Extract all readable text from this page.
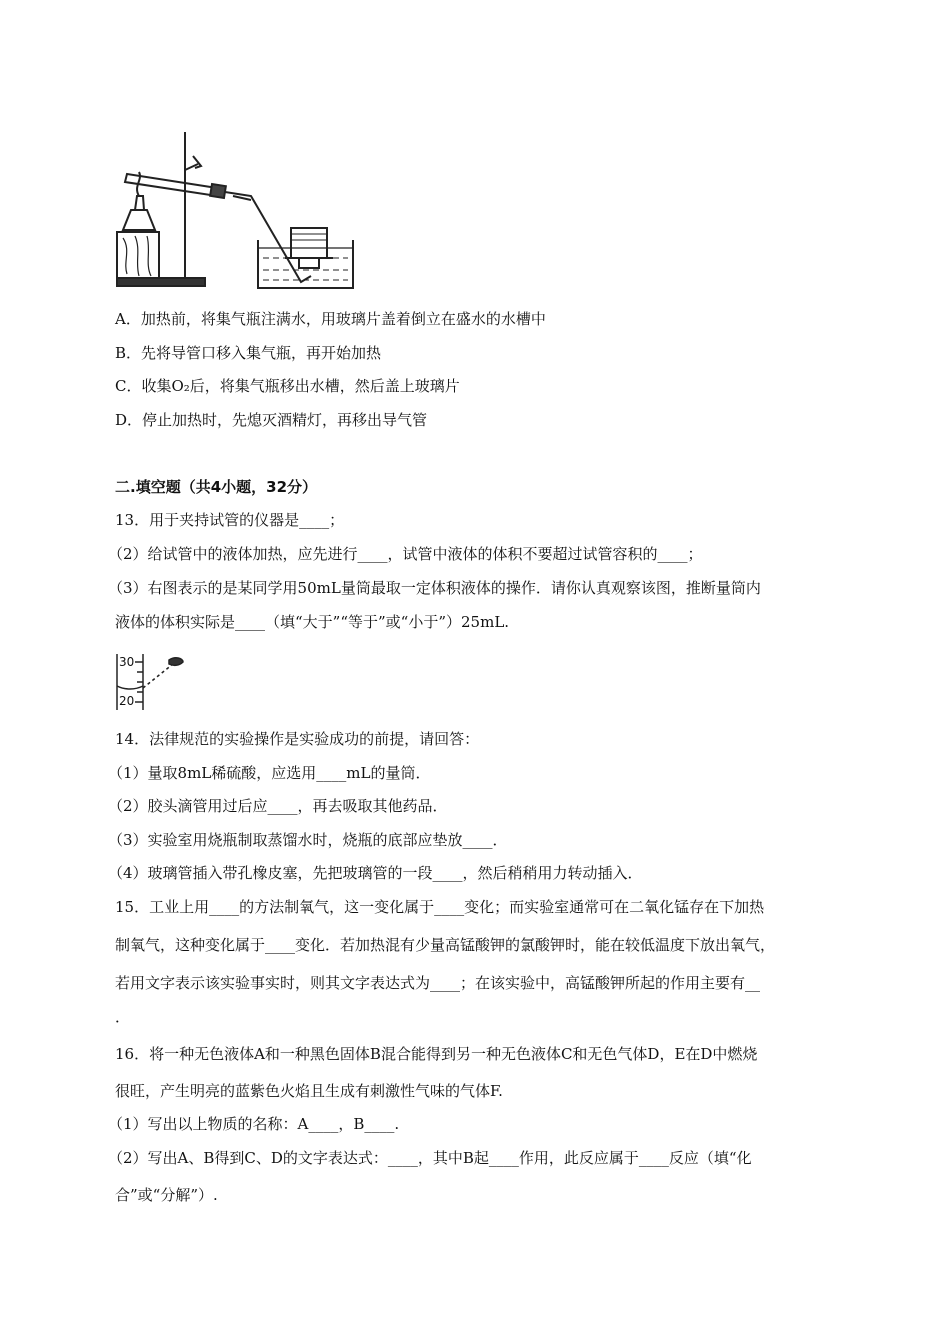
A．加热前，将集气瓶注满水，用玻璃片盖着倒立在盛水的水槽中
B．先将导管口移入集气瓶，再开始加热
C．收集O₂后，将集气瓶移出水槽，然后盖上玻璃片
D．停止加热时，先熄灭酒精灯，再移出导气管
二.填空题（共4小题，32分）
13．用于夹持试管的仪器是____；
（2）给试管中的液体加热，应先进行____，试管中液体的体积不要超过试管容积的____；
（3）右图表示的是某同学用50mL量筒最取一定体积液体的操作．请你认真观察该图，推断量筒内
液体的体积实际是____（填“大于”“等于”或“小于”）25mL.
30
20
14．法律规范的实验操作是实验成功的前提，请回答：
（1）量取8mL稀硫酸，应选用____mL的量筒．
（2）胶头滴管用过后应____，再去吸取其他药品．
（3）实验室用烧瓶制取蒸馏水时，烧瓶的底部应垫放____．
（4）玻璃管插入带孔橡皮塞，先把玻璃管的一段____，然后稍稍用力转动插入．
15．工业上用____的方法制氧气，这一变化属于____变化；而实验室通常可在二氧化锰存在下加热
制氧气，这种变化属于____变化．若加热混有少量高锰酸钾的氯酸钾时，能在较低温度下放出氧气，
若用文字表示该实验事实时，则其文字表达式为____；在该实验中，高锰酸钾所起的作用主要有__
．
16．将一种无色液体A和一种黑色固体B混合能得到另一种无色液体C和无色气体D，E在D中燃烧
很旺，产生明亮的蓝紫色火焰且生成有刺激性气味的气体F.
（1）写出以上物质的名称：A____，B____.
（2）写出A、B得到C、D的文字表达式：____，其中B起____作用，此反应属于____反应（填“化
合”或“分解”）.
